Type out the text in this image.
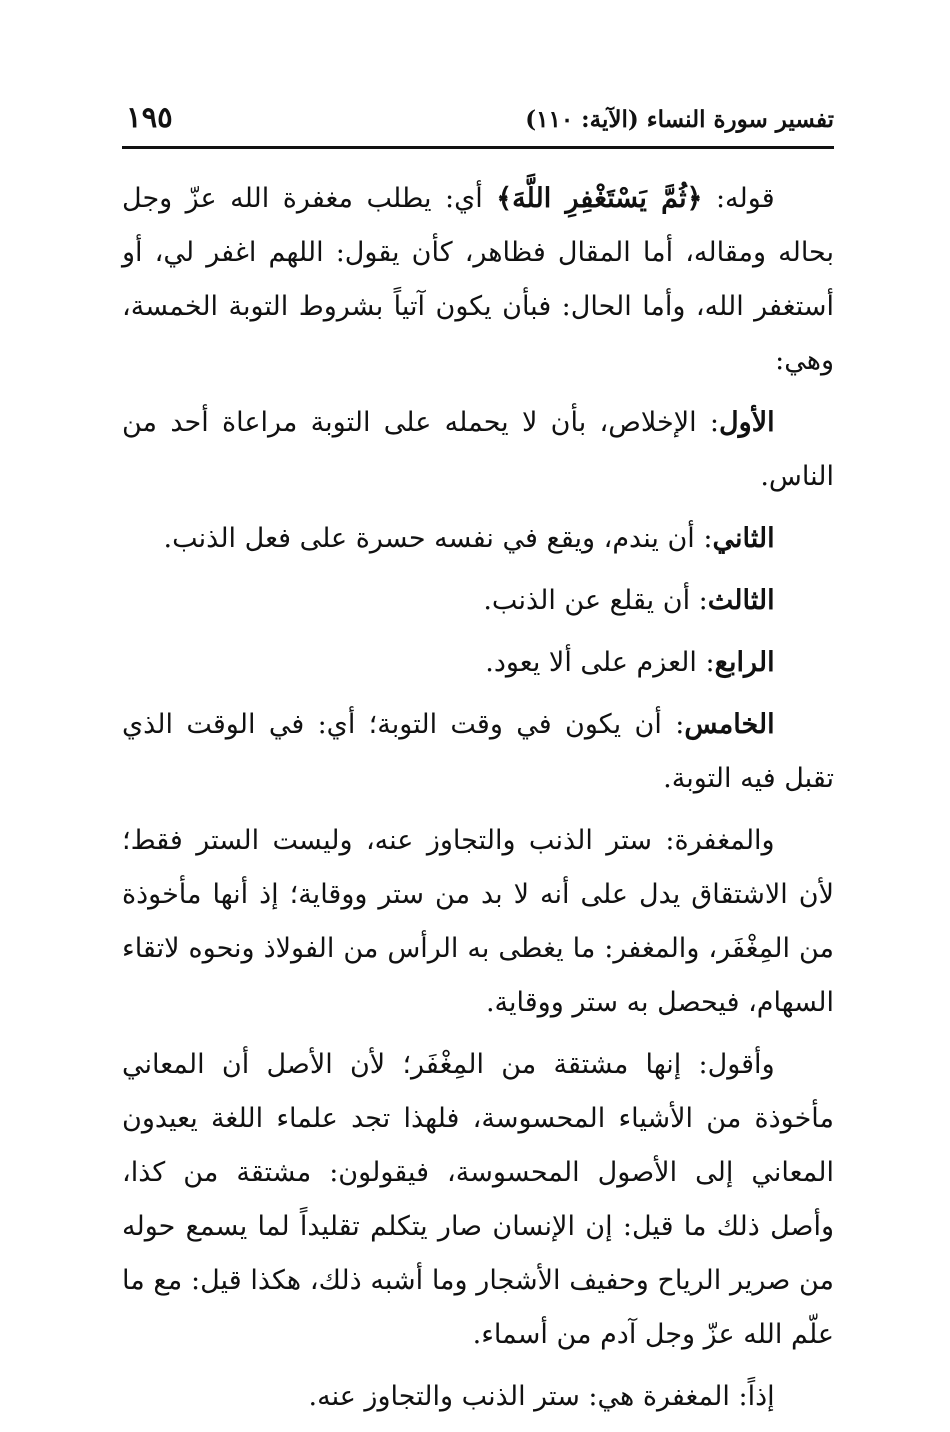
تفسير سورة النساء (الآية: ١١٠)
١٩٥

قوله: ﴿ثُمَّ يَسْتَغْفِرِ اللَّهَ﴾ أي: يطلب مغفرة الله عزّ وجل بحاله ومقاله، أما المقال فظاهر، كأن يقول: اللهم اغفر لي، أو أستغفر الله، وأما الحال: فبأن يكون آتياً بشروط التوبة الخمسة، وهي:

الأول: الإخلاص، بأن لا يحمله على التوبة مراعاة أحد من الناس.

الثاني: أن يندم، ويقع في نفسه حسرة على فعل الذنب.

الثالث: أن يقلع عن الذنب.

الرابع: العزم على ألا يعود.

الخامس: أن يكون في وقت التوبة؛ أي: في الوقت الذي تقبل فيه التوبة.

والمغفرة: ستر الذنب والتجاوز عنه، وليست الستر فقط؛ لأن الاشتقاق يدل على أنه لا بد من ستر ووقاية؛ إذ أنها مأخوذة من المِغْفَر، والمغفر: ما يغطى به الرأس من الفولاذ ونحوه لاتقاء السهام، فيحصل به ستر ووقاية.

وأقول: إنها مشتقة من المِغْفَر؛ لأن الأصل أن المعاني مأخوذة من الأشياء المحسوسة، فلهذا تجد علماء اللغة يعيدون المعاني إلى الأصول المحسوسة، فيقولون: مشتقة من كذا، وأصل ذلك ما قيل: إن الإنسان صار يتكلم تقليداً لما يسمع حوله من صرير الرياح وحفيف الأشجار وما أشبه ذلك، هكذا قيل: مع ما علّم الله عزّ وجل آدم من أسماء.

إذاً: المغفرة هي: ستر الذنب والتجاوز عنه.
